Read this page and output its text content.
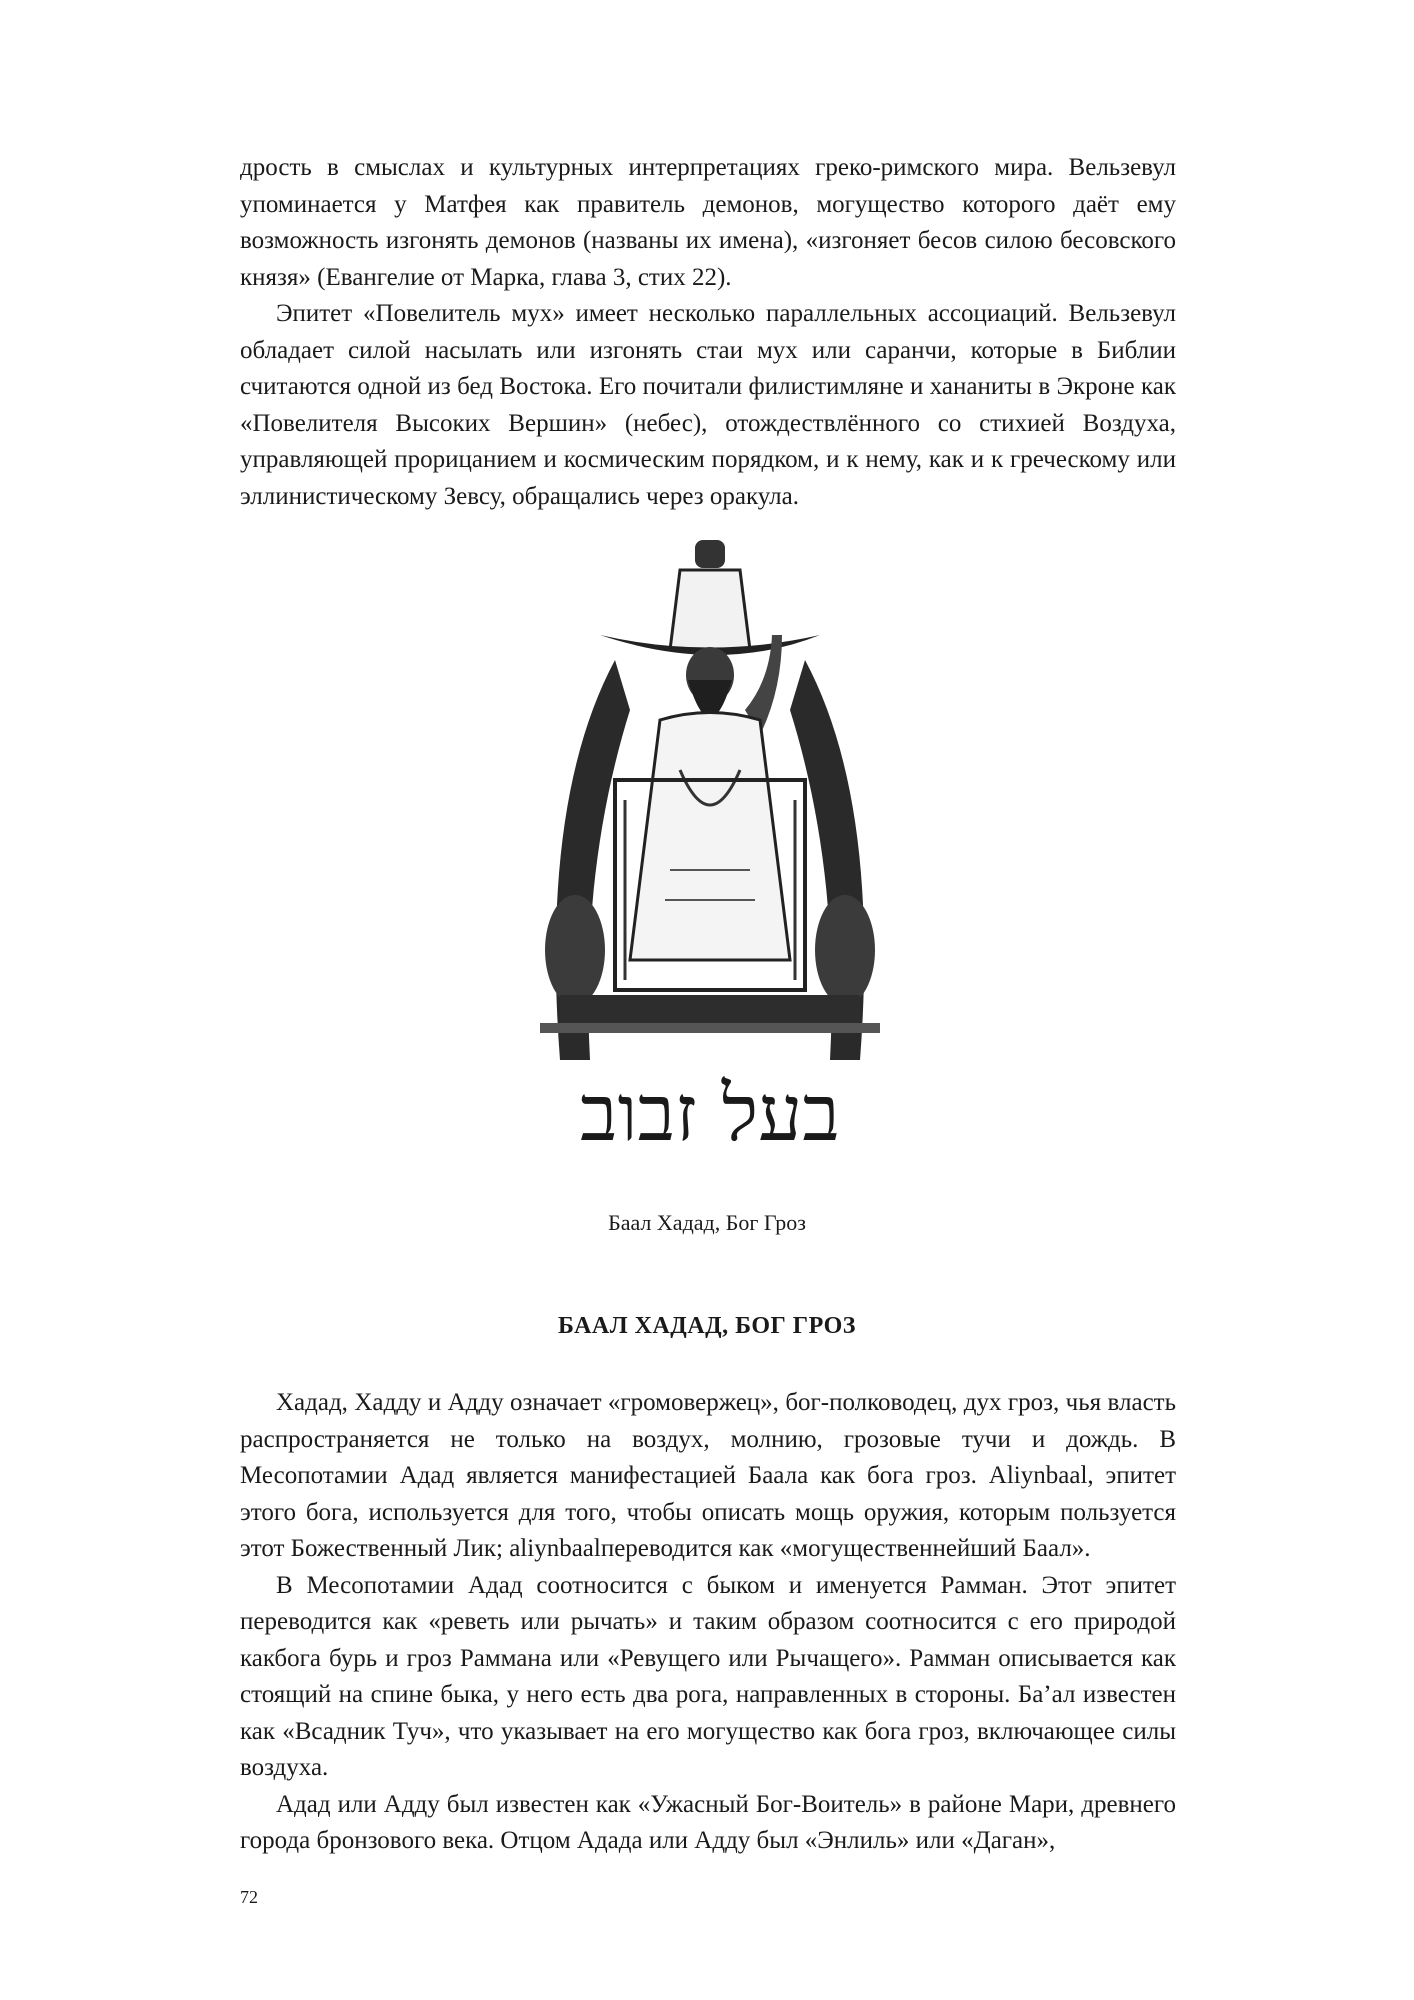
дрость в смыслах и культурных интерпретациях греко-римского мира. Вельзевул упоминается у Матфея как правитель демонов, могущество которого даёт ему возможность изгонять демонов (названы их имена), «изгоняет бесов силою бесовского князя» (Евангелие от Марка, глава 3, стих 22).

Эпитет «Повелитель мух» имеет несколько параллельных ассоциаций. Вельзевул обладает силой насылать или изгонять стаи мух или саранчи, которые в Библии считаются одной из бед Востока. Его почитали филистимляне и хананиты в Экроне как «Повелителя Высоких Вершин» (небес), отождествлённого со стихией Воздуха, управляющей прорицанием и космическим порядком, и к нему, как и к греческому или эллинистическому Зевсу, обращались через оракула.

בעל זבוב
Баал Хадад, Бог Гроз
БААЛ ХАДАД, БОГ ГРОЗ

Хадад, Хадду и Адду означает «громовержец», бог-полководец, дух гроз, чья власть распространяется не только на воздух, молнию, грозовые тучи и дождь. В Месопотамии Адад является манифестацией Баала как бога гроз. Aliynbaal, эпитет этого бога, используется для того, чтобы описать мощь оружия, которым пользуется этот Божественный Лик; aliynbaalпереводится как «могущественнейший Баал».

В Месопотамии Адад соотносится с быком и именуется Рамман. Этот эпитет переводится как «реветь или рычать» и таким образом соотносится с его природой какбога бурь и гроз Раммана или «Ревущего или Рычащего». Рамман описывается как стоящий на спине быка, у него есть два рога, направленных в стороны. Ба’ал известен как «Всадник Туч», что указывает на его могущество как бога гроз, включающее силы воздуха.

Адад или Адду был известен как «Ужасный Бог-Воитель» в районе Мари, древнего города бронзового века. Отцом Адада или Адду был «Энлиль» или «Даган»,

72
